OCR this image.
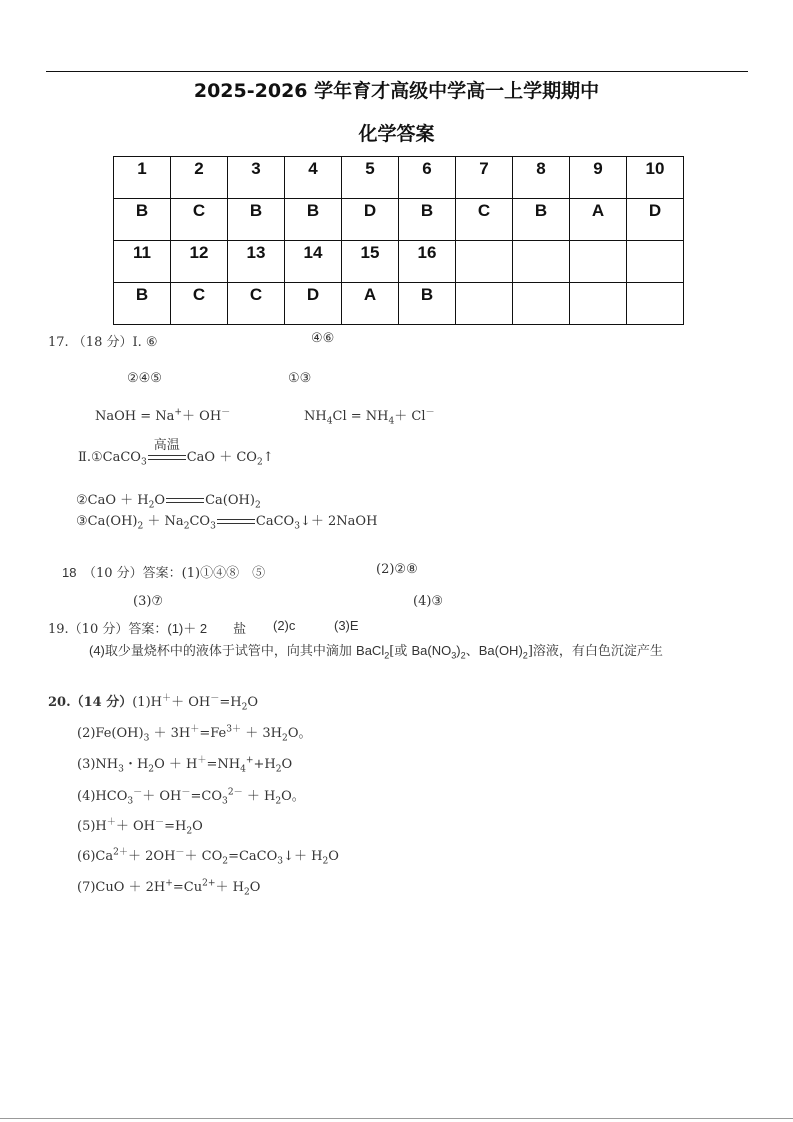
2025-2026 学年育才高级中学高一上学期期中
化学答案
1	2	3	4	5	6	7	8	9	10

B	C	B	B	D	B	C	B	A	D

11	12	13	14	15	16				

B	C	C	D	A	B				

17. （18 分）Ⅰ. ⑥	④⑥
②④⑤	①③
NaOH = Na+＋ OH－	$NH_4Cl = NH_4+ Cl^-$
Ⅱ.①CaCO$_3$
高温
CaO ＋ $CO_2↑$
②CaO ＋ $H_2O$	$Ca(OH)_2$
$③Ca(OH)_2 + Na_2CO_3$	CaCO$_3$↓＋ 2NaOH
18　 （10 分）答案：(1)①④⑧　⑤	(2)②⑧
(3)⑦	(4)③
19.（10 分）答案：(1)＋ 2　　 盐 (2)c	(3)E
(4)取少量烧杯中的液体于试管中，向其中滴加 BaCl$_2$[或 $Ba(NO_3)_2$、$Ba(OH)_2$]溶液，有白色沉淀产生
20.（14 分）$(1)H^++ OH^-=H_2O$
$(2)Fe(OH)_3 + 3H^+=Fe^{3+} + 3H_2O$。
$(3)NH_3$・$H_2O + H^+=NH_4^++H_2O$
$(4)HCO_3^-+ OH^-=CO_3^{2-} + H_2O$。
$(5)H^++ OH^-=H_2O$
$(6)Ca^{2+}+ 2OH^-+$ $CO_2=CaCO_3↓+ H_2O$
$(7)CuO + 2H^+=Cu^{2+}+ H_2O$
